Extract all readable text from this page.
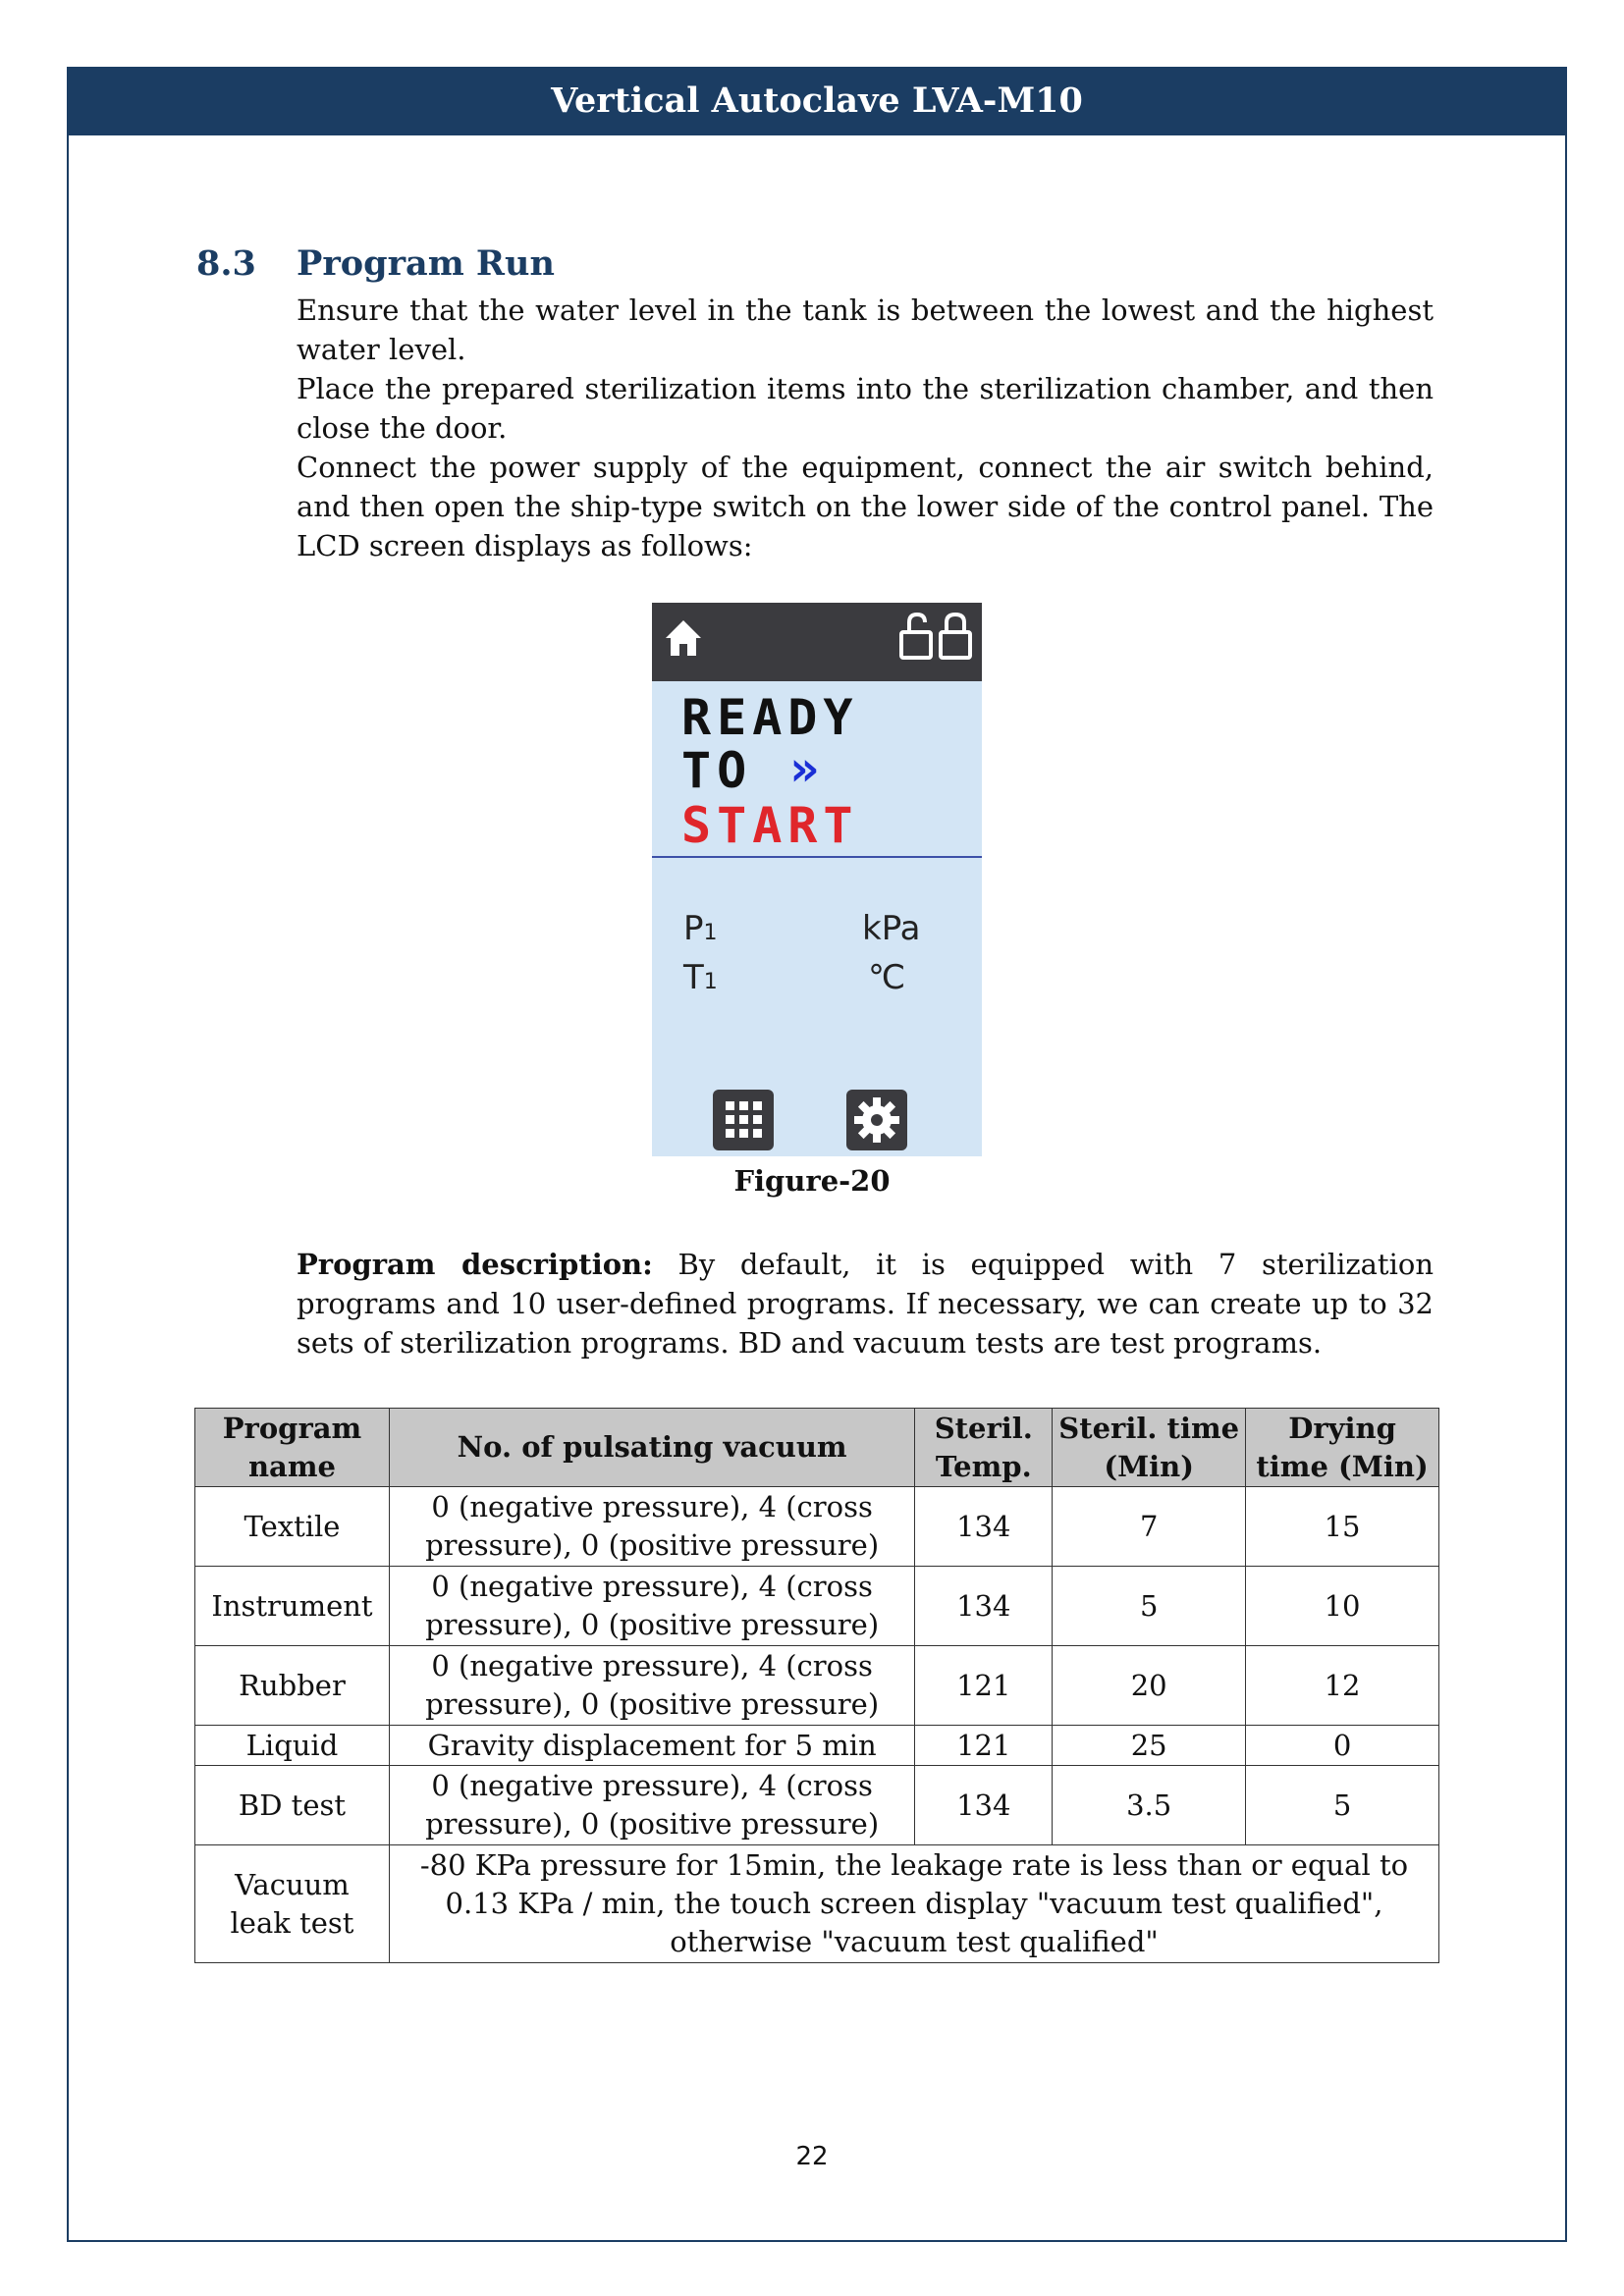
Vertical Autoclave LVA-M10
8.3 Program Run

Ensure that the water level in the tank is between the lowest and the highest water level.

Place the prepared sterilization items into the sterilization chamber, and then close the door.

Connect the power supply of the equipment, connect the air switch behind, and then open the ship-type switch on the lower side of the control panel. The LCD screen displays as follows:

READY
TO »
START
P1	kPa
T1	℃
Figure-20

Program description: By default, it is equipped with 7 sterilization programs and 10 user-defined programs. If necessary, we can create up to 32 sets of sterilization programs. BD and vacuum tests are test programs.

Program name	No. of pulsating vacuum	Steril. Temp.	Steril. time (Min)	Drying time (Min)
Textile	0 (negative pressure), 4 (cross pressure), 0 (positive pressure)	134	7	15
Instrument	0 (negative pressure), 4 (cross pressure), 0 (positive pressure)	134	5	10
Rubber	0 (negative pressure), 4 (cross pressure), 0 (positive pressure)	121	20	12
Liquid	Gravity displacement for 5 min	121	25	0
BD test	0 (negative pressure), 4 (cross pressure), 0 (positive pressure)	134	3.5	5
Vacuum leak test	-80 KPa pressure for 15min, the leakage rate is less than or equal to 0.13 KPa / min, the touch screen display "vacuum test qualified", otherwise "vacuum test qualified"			
22
